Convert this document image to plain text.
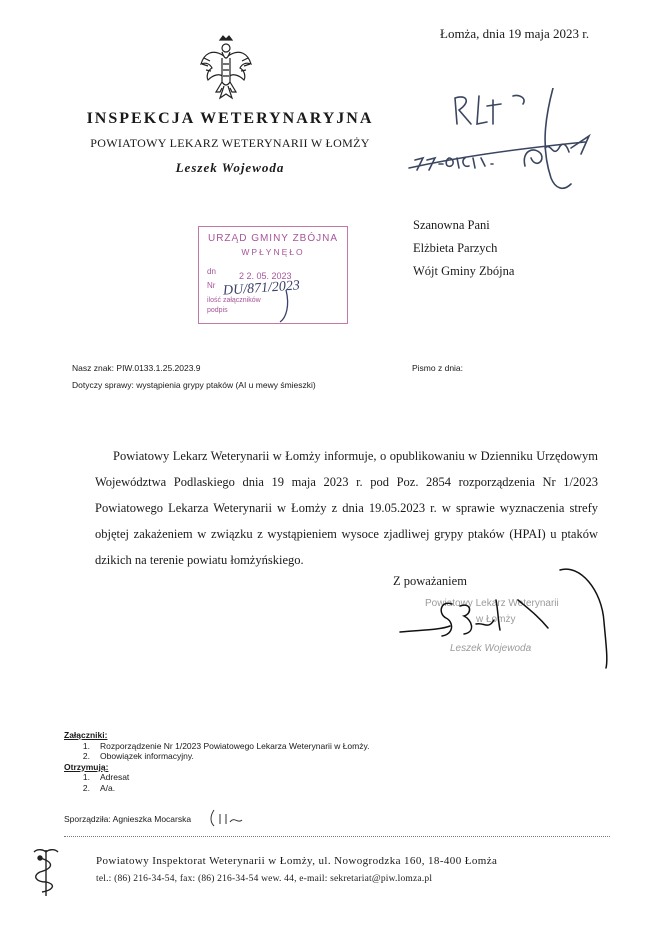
Łomża, dnia 19 maja 2023 r.
INSPEKCJA WETERYNARYJNA
POWIATOWY LEKARZ WETERYNARII W ŁOMŻY
Leszek Wojewoda
Szanowna Pani
Elżbieta Parzych
Wójt Gminy Zbójna
URZĄD GMINY ZBÓJNA
WPŁYNĘŁO
dn	2 2. 05. 2023
Nr DU/871/2023
ilość załączników
podpis
Nasz znak: PIW.0133.1.25.2023.9	Pismo z dnia:
Dotyczy sprawy: wystąpienia grypy ptaków (AI u mewy śmieszki)
Powiatowy Lekarz Weterynarii w Łomży informuje, o opublikowaniu w Dzienniku Urzędowym Województwa Podlaskiego dnia 19 maja 2023 r. pod Poz. 2854 rozporządzenia Nr 1/2023 Powiatowego Lekarza Weterynarii w Łomży z dnia 19.05.2023 r. w sprawie wyznaczenia strefy objętej zakażeniem w związku z wystąpieniem wysoce zjadliwej grypy ptaków (HPAI) u ptaków dzikich na terenie powiatu łomżyńskiego.
Powiatowy Lekarz Weterynarii
w Łomży
Leszek Wojewoda
Z poważaniem
Załączniki:
1. Rozporządzenie Nr 1/2023 Powiatowego Lekarza Weterynarii w Łomży.
2. Obowiązek informacyjny.
Otrzymują:
1. Adresat
2. A/a.
Sporządziła: Agnieszka Mocarska
Powiatowy Inspektorat Weterynarii w Łomży, ul. Nowogrodzka 160, 18-400 Łomża
tel.: (86) 216-34-54, fax: (86) 216-34-54 wew. 44, e-mail: sekretariat@piw.lomza.pl
